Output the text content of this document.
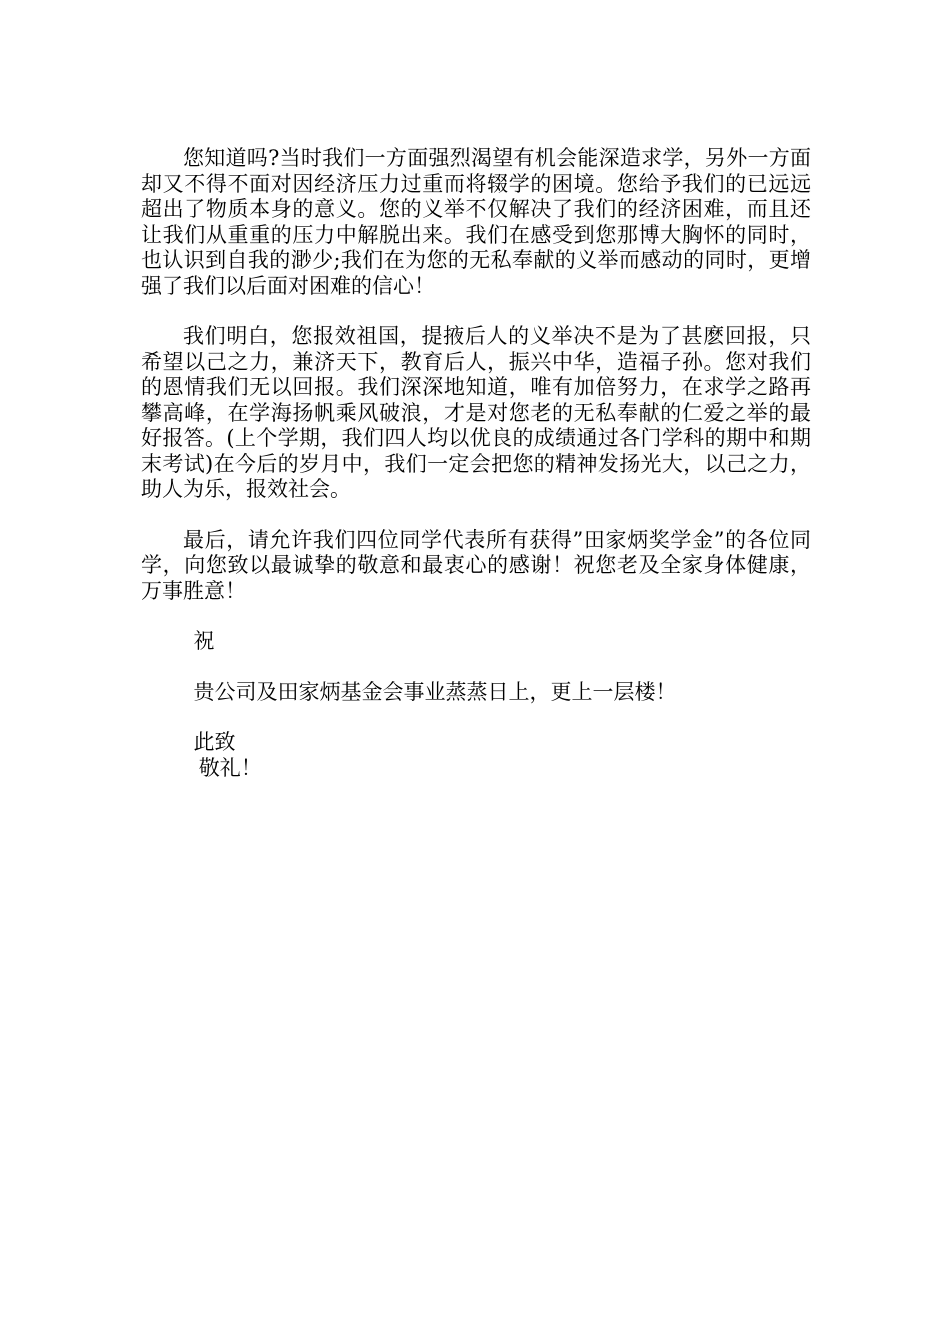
您知道吗?当时我们一方面强烈渴望有机会能深造求学，另外一方面却又不得不面对因经济压力过重而将辍学的困境。您给予我们的已远远超出了物质本身的意义。您的义举不仅解决了我们的经济困难，而且还让我们从重重的压力中解脱出来。我们在感受到您那博大胸怀的同时，也认识到自我的渺少;我们在为您的无私奉献的义举而感动的同时，更增强了我们以后面对困难的信心！

我们明白，您报效祖国，提掖后人的义举决不是为了甚麽回报，只希望以己之力，兼济天下，教育后人，振兴中华，造福子孙。您对我们的恩情我们无以回报。我们深深地知道，唯有加倍努力，在求学之路再攀高峰，在学海扬帆乘风破浪，才是对您老的无私奉献的仁爱之举的最好报答。(上个学期，我们四人均以优良的成绩通过各门学科的期中和期末考试)在今后的岁月中，我们一定会把您的精神发扬光大，以己之力，助人为乐，报效社会。

最后，请允许我们四位同学代表所有获得”田家炳奖学金”的各位同学，向您致以最诚挚的敬意和最衷心的感谢！祝您老及全家身体健康，万事胜意！

祝

贵公司及田家炳基金会事业蒸蒸日上，更上一层楼！

此致

敬礼！
